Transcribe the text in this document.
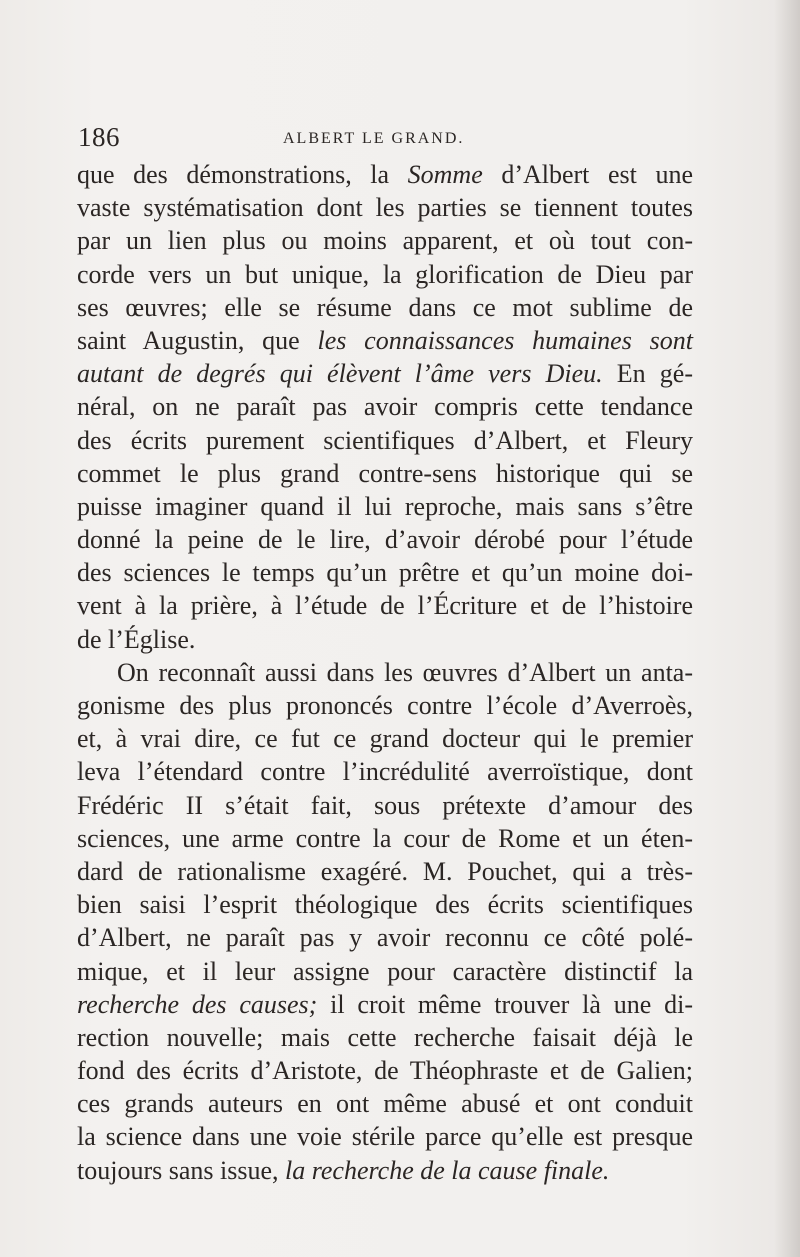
186	ALBERT LE GRAND.
que des démonstrations, la Somme d’Albert est une
vaste systématisation dont les parties se tiennent toutes
par un lien plus ou moins apparent, et où tout con-
corde vers un but unique, la glorification de Dieu par
ses œuvres; elle se résume dans ce mot sublime de
saint Augustin, que les connaissances humaines sont
autant de degrés qui élèvent l’âme vers Dieu. En gé-
néral, on ne paraît pas avoir compris cette tendance
des écrits purement scientifiques d’Albert, et Fleury
commet le plus grand contre-sens historique qui se
puisse imaginer quand il lui reproche, mais sans s’être
donné la peine de le lire, d’avoir dérobé pour l’étude
des sciences le temps qu’un prêtre et qu’un moine doi-
vent à la prière, à l’étude de l’Écriture et de l’histoire
de l’Église.
On reconnaît aussi dans les œuvres d’Albert un anta-
gonisme des plus prononcés contre l’école d’Averroès,
et, à vrai dire, ce fut ce grand docteur qui le premier
leva l’étendard contre l’incrédulité averroïstique, dont
Frédéric II s’était fait, sous prétexte d’amour des
sciences, une arme contre la cour de Rome et un éten-
dard de rationalisme exagéré. M. Pouchet, qui a très-
bien saisi l’esprit théologique des écrits scientifiques
d’Albert, ne paraît pas y avoir reconnu ce côté polé-
mique, et il leur assigne pour caractère distinctif la
recherche des causes; il croit même trouver là une di-
rection nouvelle; mais cette recherche faisait déjà le
fond des écrits d’Aristote, de Théophraste et de Galien;
ces grands auteurs en ont même abusé et ont conduit
la science dans une voie stérile parce qu’elle est presque
toujours sans issue, la recherche de la cause finale.
